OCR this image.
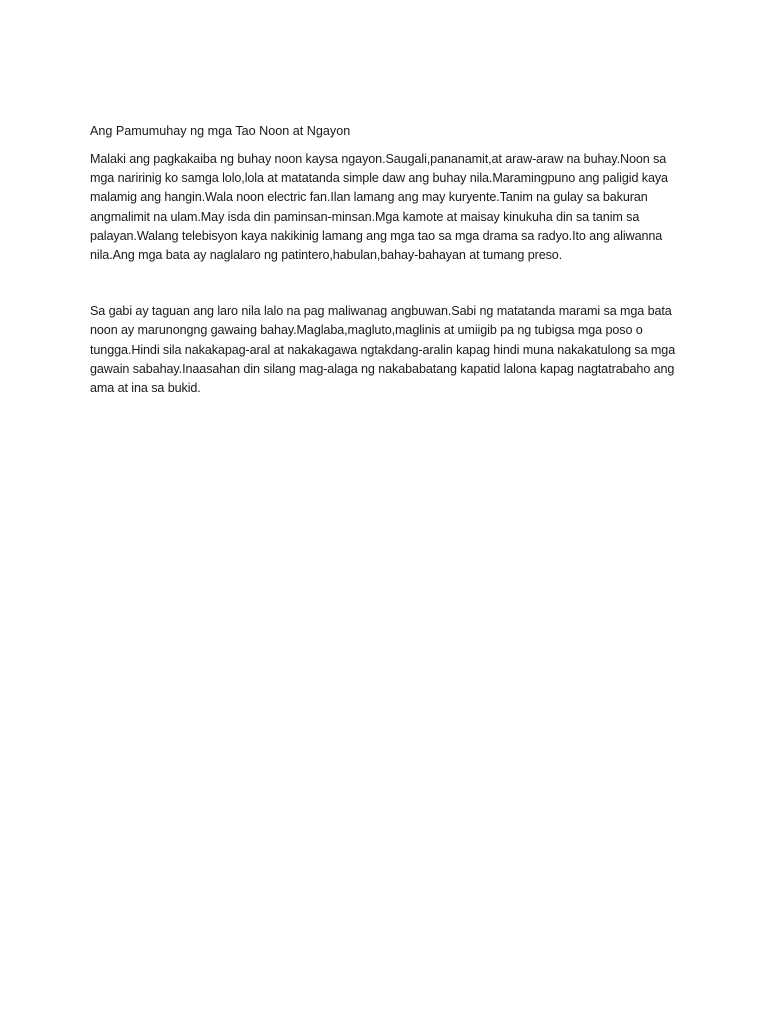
Ang Pamumuhay ng mga Tao Noon at Ngayon

Malaki ang pagkakaiba ng buhay noon kaysa ngayon.Saugali,pananamit,at araw-araw na buhay.Noon sa mga naririnig ko samga lolo,lola at matatanda simple daw ang buhay nila.Maramingpuno ang paligid kaya malamig ang hangin.Wala noon electric fan.Ilan lamang ang may kuryente.Tanim na gulay sa bakuran angmalimit na ulam.May isda din paminsan-minsan.Mga kamote at maisay kinukuha din sa tanim sa palayan.Walang telebisyon kaya nakikinig lamang ang mga tao sa mga drama sa radyo.Ito ang aliwanna nila.Ang mga bata ay naglalaro ng patintero,habulan,bahay-bahayan at tumang preso.

Sa gabi ay taguan ang laro nila lalo na pag maliwanag angbuwan.Sabi ng matatanda marami sa mga bata noon ay marunongng gawaing bahay.Maglaba,magluto,maglinis at umiigib pa ng tubigsa mga poso o tungga.Hindi sila nakakapag-aral at nakakagawa ngtakdang-aralin kapag hindi muna nakakatulong sa mga gawain sabahay.Inaasahan din silang mag-alaga ng nakababatang kapatid lalona kapag nagtatrabaho ang ama at ina sa bukid.
